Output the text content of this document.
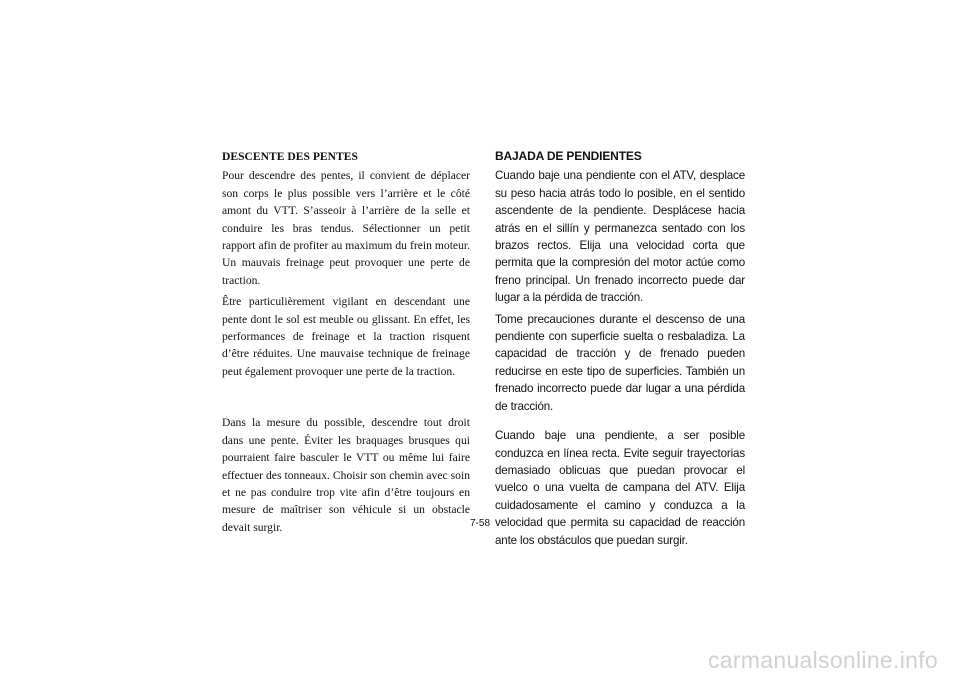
DESCENTE DES PENTES

Pour descendre des pentes, il convient de déplacer son corps le plus possible vers l’arrière et le côté amont du VTT. S’asseoir à l’arrière de la selle et conduire les bras tendus. Sélectionner un petit rapport afin de profiter au maximum du frein moteur. Un mauvais freinage peut provoquer une perte de traction.

Être particulièrement vigilant en descendant une pente dont le sol est meuble ou glissant. En effet, les performances de freinage et la traction risquent d’être réduites. Une mauvaise technique de freinage peut également provoquer une perte de la traction.

Dans la mesure du possible, descendre tout droit dans une pente. Éviter les braquages brusques qui pourraient faire basculer le VTT ou même lui faire effectuer des tonneaux. Choisir son chemin avec soin et ne pas conduire trop vite afin d’être toujours en mesure de maîtriser son véhicule si un obstacle devait surgir.

BAJADA DE PENDIENTES

Cuando baje una pendiente con el ATV, desplace su peso hacia atrás todo lo posible, en el sentido ascendente de la pendiente. Desplácese hacia atrás en el sillín y permanezca sentado con los brazos rectos. Elija una velocidad corta que permita que la compresión del motor actúe como freno principal. Un frenado incorrecto puede dar lugar a la pérdida de tracción.

Tome precauciones durante el descenso de una pendiente con superficie suelta o resbaladiza. La capacidad de tracción y de frenado pueden reducirse en este tipo de superficies. También un frenado incorrecto puede dar lugar a una pérdida de tracción.

Cuando baje una pendiente, a ser posible conduzca en línea recta. Evite seguir trayectorias demasiado oblicuas que puedan provocar el vuelco o una vuelta de campana del ATV. Elija cuidadosamente el camino y conduzca a la velocidad que permita su capacidad de reacción ante los obstáculos que puedan surgir.

7-58
carmanualsonline.info
